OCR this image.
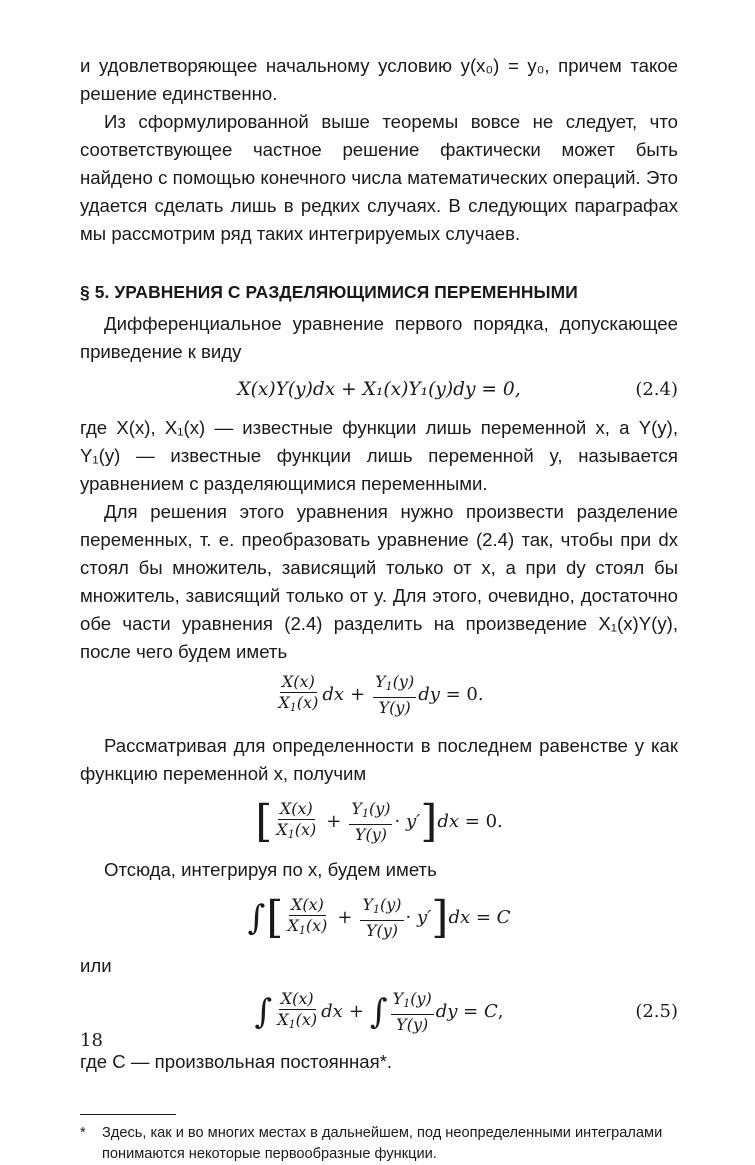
и удовлетворяющее начальному условию y(x₀) = y₀, причем такое решение единственно.

Из сформулированной выше теоремы вовсе не следует, что соответствующее частное решение фактически может быть найдено с помощью конечного числа математических операций. Это удается сделать лишь в редких случаях. В следующих параграфах мы рассмотрим ряд таких интегрируемых случаев.

§ 5. УРАВНЕНИЯ С РАЗДЕЛЯЮЩИМИСЯ ПЕРЕМЕННЫМИ

Дифференциальное уравнение первого порядка, допускающее приведение к виду

X(x)Y(y)dx + X₁(x)Y₁(y)dy = 0,	(2.4)

где X(x), X₁(x) — известные функции лишь переменной x, а Y(y), Y₁(y) — известные функции лишь переменной y, называется уравнением с разделяющимися переменными.

Для решения этого уравнения нужно произвести разделение переменных, т. е. преобразовать уравнение (2.4) так, чтобы при dx стоял бы множитель, зависящий только от x, а при dy стоял бы множитель, зависящий только от y. Для этого, очевидно, достаточно обе части уравнения (2.4) разделить на произведение X₁(x)Y(y), после чего будем иметь

$\frac{X(x)}{X_1(x)}$ dx + $\frac{Y_1(y)}{Y(y)}$ dy = 0.

Рассматривая для определенности в последнем равенстве y как функцию переменной x, получим

[ $\frac{X(x)}{X_1(x)} + \frac{Y_1(y)}{Y(y)} \cdot y'$ ] dx = 0.

Отсюда, интегрируя по x, будем иметь

∫ [ $\frac{X(x)}{X_1(x)} + \frac{Y_1(y)}{Y(y)} \cdot y'$ ] dx = C

или

∫ $\frac{X(x)}{X_1(x)}$ dx + ∫ $\frac{Y_1(y)}{Y(y)}$ dy = C ,	(2.5)

где C — произвольная постоянная*.

*	Здесь, как и во многих местах в дальнейшем, под неопределенными интегралами понимаются некоторые первообразные функции.
18
